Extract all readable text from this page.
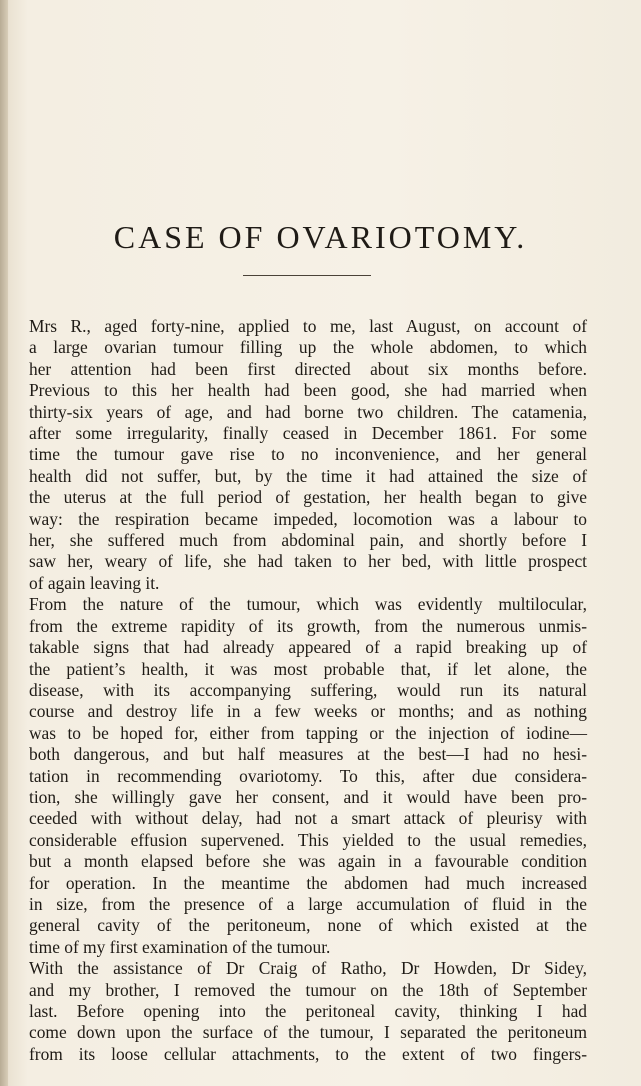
CASE OF OVARIOTOMY.
Mrs R., aged forty-nine, applied to me, last August, on account of
a large ovarian tumour filling up the whole abdomen, to which
her attention had been first directed about six months before.
Previous to this her health had been good, she had married when
thirty-six years of age, and had borne two children. The catamenia,
after some irregularity, finally ceased in December 1861. For some
time the tumour gave rise to no inconvenience, and her general
health did not suffer, but, by the time it had attained the size of
the uterus at the full period of gestation, her health began to give
way: the respiration became impeded, locomotion was a labour to
her, she suffered much from abdominal pain, and shortly before I
saw her, weary of life, she had taken to her bed, with little prospect
of again leaving it.
From the nature of the tumour, which was evidently multilocular,
from the extreme rapidity of its growth, from the numerous unmis-
takable signs that had already appeared of a rapid breaking up of
the patient’s health, it was most probable that, if let alone, the
disease, with its accompanying suffering, would run its natural
course and destroy life in a few weeks or months; and as nothing
was to be hoped for, either from tapping or the injection of iodine—
both dangerous, and but half measures at the best—I had no hesi-
tation in recommending ovariotomy. To this, after due considera-
tion, she willingly gave her consent, and it would have been pro-
ceeded with without delay, had not a smart attack of pleurisy with
considerable effusion supervened. This yielded to the usual remedies,
but a month elapsed before she was again in a favourable condition
for operation. In the meantime the abdomen had much increased
in size, from the presence of a large accumulation of fluid in the
general cavity of the peritoneum, none of which existed at the
time of my first examination of the tumour.
With the assistance of Dr Craig of Ratho, Dr Howden, Dr Sidey,
and my brother, I removed the tumour on the 18th of September
last. Before opening into the peritoneal cavity, thinking I had
come down upon the surface of the tumour, I separated the peritoneum
from its loose cellular attachments, to the extent of two fingers-
